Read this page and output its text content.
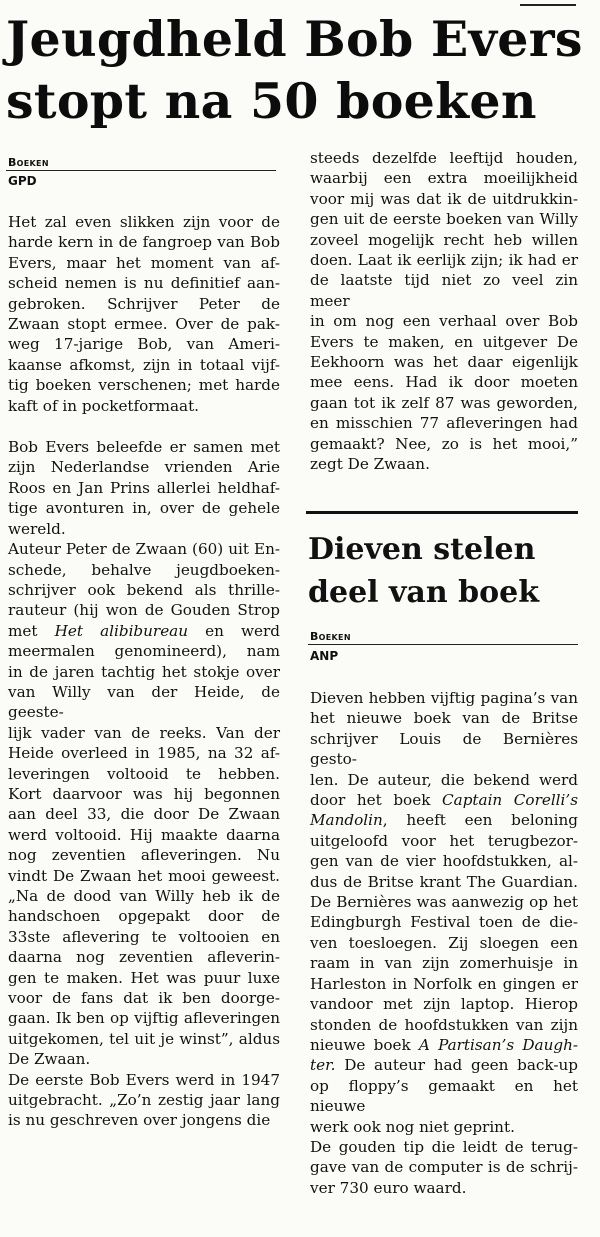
Jeugdheld Bob Evers
stopt na 50 boeken
Boeken
GPD

Het zal even slikken zijn voor de

harde kern in de fangroep van Bob

Evers, maar het moment van af-

scheid nemen is nu definitief aan-

gebroken. Schrijver Peter de

Zwaan stopt ermee. Over de pak-

weg 17-jarige Bob, van Ameri-

kaanse afkomst, zijn in totaal vijf-

tig boeken verschenen; met harde

kaft of in pocketformaat.

Bob Evers beleefde er samen met

zijn Nederlandse vrienden Arie

Roos en Jan Prins allerlei heldhaf-

tige avonturen in, over de gehele

wereld.

Auteur Peter de Zwaan (60) uit En-

schede, behalve jeugdboeken-

schrijver ook bekend als thrille-

rauteur (hij won de Gouden Strop

met Het alibibureau en werd

meermalen genomineerd), nam

in de jaren tachtig het stokje over

van Willy van der Heide, de geeste-

lijk vader van de reeks. Van der

Heide overleed in 1985, na 32 af-

leveringen voltooid te hebben.

Kort daarvoor was hij begonnen

aan deel 33, die door De Zwaan

werd voltooid. Hij maakte daarna

nog zeventien afleveringen. Nu

vindt De Zwaan het mooi geweest.

„Na de dood van Willy heb ik de

handschoen opgepakt door de

33ste aflevering te voltooien en

daarna nog zeventien afleverin-

gen te maken. Het was puur luxe

voor de fans dat ik ben doorge-

gaan. Ik ben op vijftig afleveringen

uitgekomen, tel uit je winst”, aldus

De Zwaan.

De eerste Bob Evers werd in 1947

uitgebracht. „Zo’n zestig jaar lang

is nu geschreven over jongens die

steeds dezelfde leeftijd houden,

waarbij een extra moeilijkheid

voor mij was dat ik de uitdrukkin-

gen uit de eerste boeken van Willy

zoveel mogelijk recht heb willen

doen. Laat ik eerlijk zijn; ik had er

de laatste tijd niet zo veel zin meer

in om nog een verhaal over Bob

Evers te maken, en uitgever De

Eekhoorn was het daar eigenlijk

mee eens. Had ik door moeten

gaan tot ik zelf 87 was geworden,

en misschien 77 afleveringen had

gemaakt? Nee, zo is het mooi,”

zegt De Zwaan.

Dieven stelen
deel van boek
Boeken
ANP

Dieven hebben vijftig pagina’s van

het nieuwe boek van de Britse

schrijver Louis de Bernières gesto-

len. De auteur, die bekend werd

door het boek Captain Corelli’s

Mandolin, heeft een beloning

uitgeloofd voor het terugbezor-

gen van de vier hoofdstukken, al-

dus de Britse krant The Guardian.

De Bernières was aanwezig op het

Edingburgh Festival toen de die-

ven toesloegen. Zij sloegen een

raam in van zijn zomerhuisje in

Harleston in Norfolk en gingen er

vandoor met zijn laptop. Hierop

stonden de hoofdstukken van zijn

nieuwe boek A Partisan’s Daugh-

ter. De auteur had geen back-up

op floppy’s gemaakt en het nieuwe

werk ook nog niet geprint.

De gouden tip die leidt de terug-

gave van de computer is de schrij-

ver 730 euro waard.
